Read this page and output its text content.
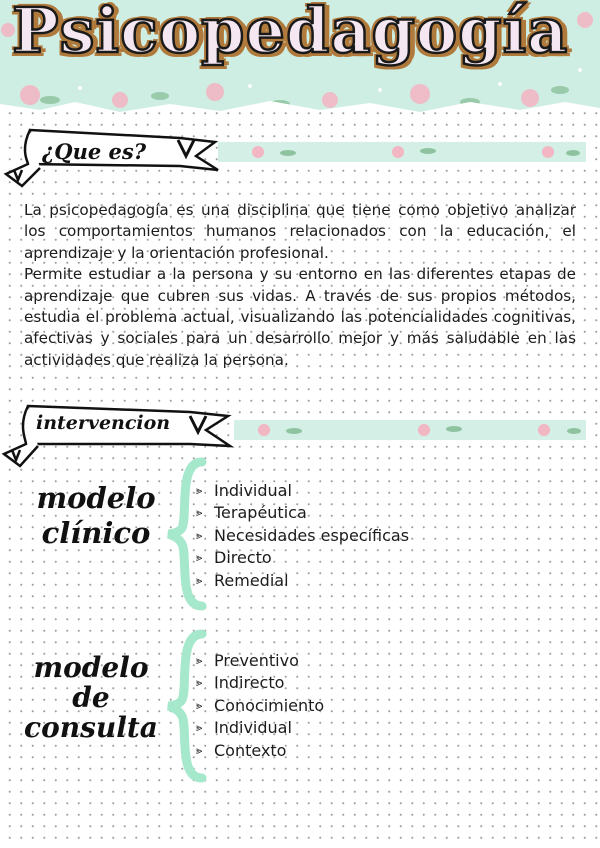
Psicopedagogía
¿Que es?

La psicopedagogía es una disciplina que tiene como objetivo analizar los comportamientos humanos relacionados con la educación, el aprendizaje y la orientación profesional.

Permite estudiar a la persona y su entorno en las diferentes etapas de aprendizaje que cubren sus vidas. A través de sus propios métodos, estudia el problema actual, visualizando las potencialidades cognitivas, afectivas y sociales para un desarrollo mejor y más saludable en las actividades que realiza la persona.

intervencion
modelo
clínico
⪢ Individual
⪢ Terapéutica
⪢ Necesidades específicas
⪢ Directo
⪢ Remedial
modelo
de
consulta
⪢ Preventivo
⪢ Indirecto
⪢ Conocimiento
⪢ Individual
⪢ Contexto
